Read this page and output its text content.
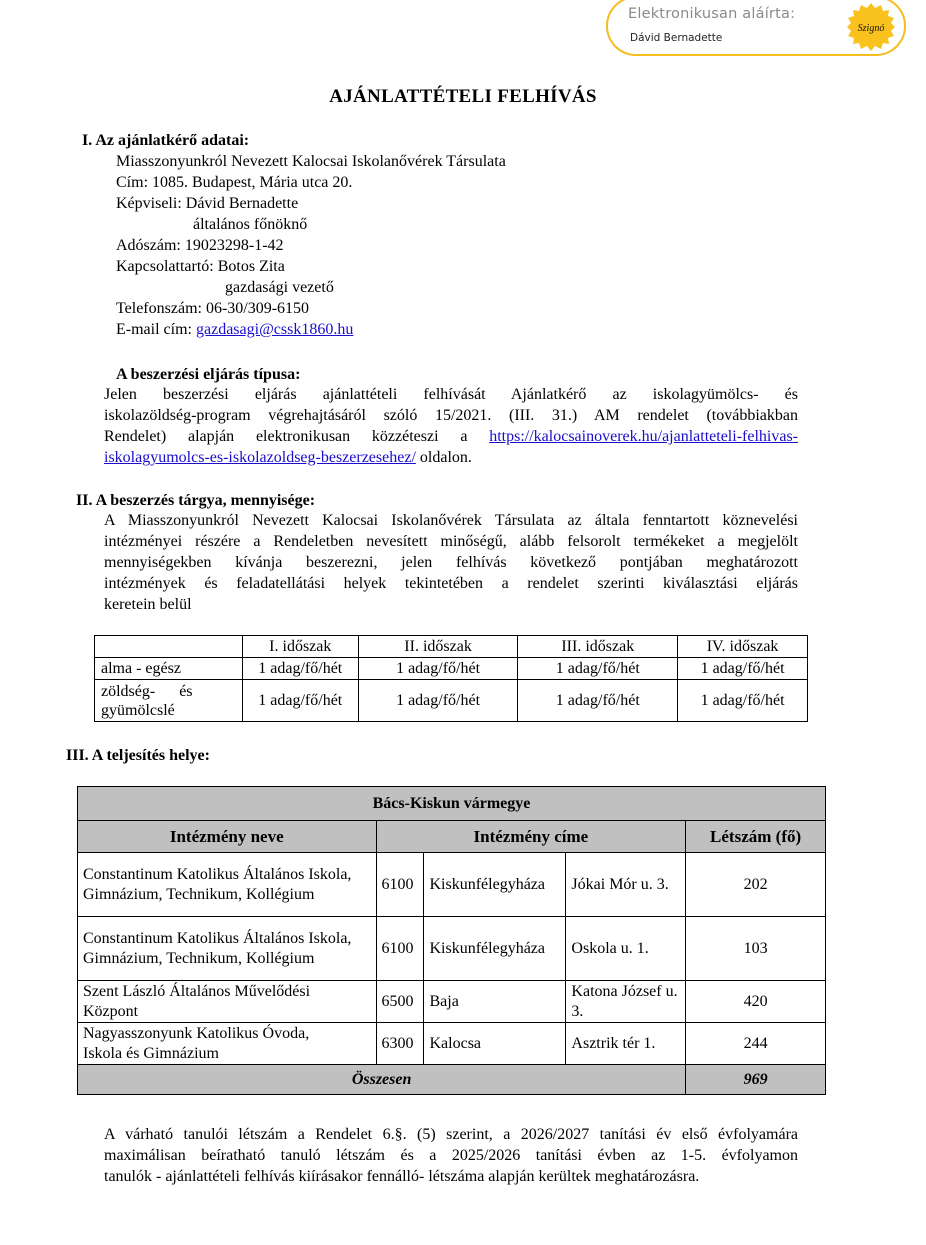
Elektronikusan aláírta:
Dávid Bernadette
Szignó
AJÁNLATTÉTELI FELHÍVÁS
I. Az ajánlatkérő adatai:
Miasszonyunkról Nevezett Kalocsai Iskolanővérek Társulata
Cím: 1085. Budapest, Mária utca 20.
Képviseli: Dávid Bernadette
általános főnöknő
Adószám: 19023298-1-42
Kapcsolattartó: Botos Zita
gazdasági vezető
Telefonszám: 06-30/309-6150
E-mail cím: gazdasagi@cssk1860.hu
A beszerzési eljárás típusa:
Jelen beszerzési eljárás ajánlattételi felhívását Ajánlatkérő az iskolagyümölcs- és
iskolazöldség-program végrehajtásáról szóló 15/2021. (III. 31.) AM rendelet (továbbiakban
Rendelet) alapján elektronikusan közzéteszi a https://kalocsainoverek.hu/ajanlatteteli-felhivas-
iskolagyumolcs-es-iskolazoldseg-beszerzesehez/ oldalon.
II. A beszerzés tárgya, mennyisége:
A Miasszonyunkról Nevezett Kalocsai Iskolanővérek Társulata az általa fenntartott köznevelési
intézményei részére a Rendeletben nevesített minőségű, alább felsorolt termékeket a megjelölt
mennyiségekben kívánja beszerezni, jelen felhívás következő pontjában meghatározott
intézmények és feladatellátási helyek tekintetében a rendelet szerinti kiválasztási eljárás
keretein belül
	I. időszak	II. időszak	III. időszak	IV. időszak
alma - egész	1 adag/fő/hét	1 adag/fő/hét	1 adag/fő/hét	1 adag/fő/hét

zöldség-      és
gyümölcslé	1 adag/fő/hét	1 adag/fő/hét	1 adag/fő/hét	1 adag/fő/hét
III. A teljesítés helye:
Bács-Kiskun vármegye				
Intézmény neve	Intézmény címe			Létszám (fő)
Constantinum Katolikus Általános Iskola, Gimnázium, Technikum, Kollégium	6100	Kiskunfélegyháza	Jókai Mór u. 3.	202
Constantinum Katolikus Általános Iskola, Gimnázium, Technikum, Kollégium	6100	Kiskunfélegyháza	Oskola u. 1.	103
Szent László Általános Művelődési Központ	6500	Baja	Katona József u. 3.	420
Nagyasszonyunk Katolikus Óvoda, Iskola és Gimnázium	6300	Kalocsa	Asztrik tér 1.	244
Összesen				969
A várható tanulói létszám a Rendelet 6.§. (5) szerint, a 2026/2027 tanítási év első évfolyamára
maximálisan beíratható tanuló létszám és a 2025/2026 tanítási évben az 1-5. évfolyamon
tanulók - ajánlattételi felhívás kiírásakor fennálló- létszáma alapján kerültek meghatározásra.
